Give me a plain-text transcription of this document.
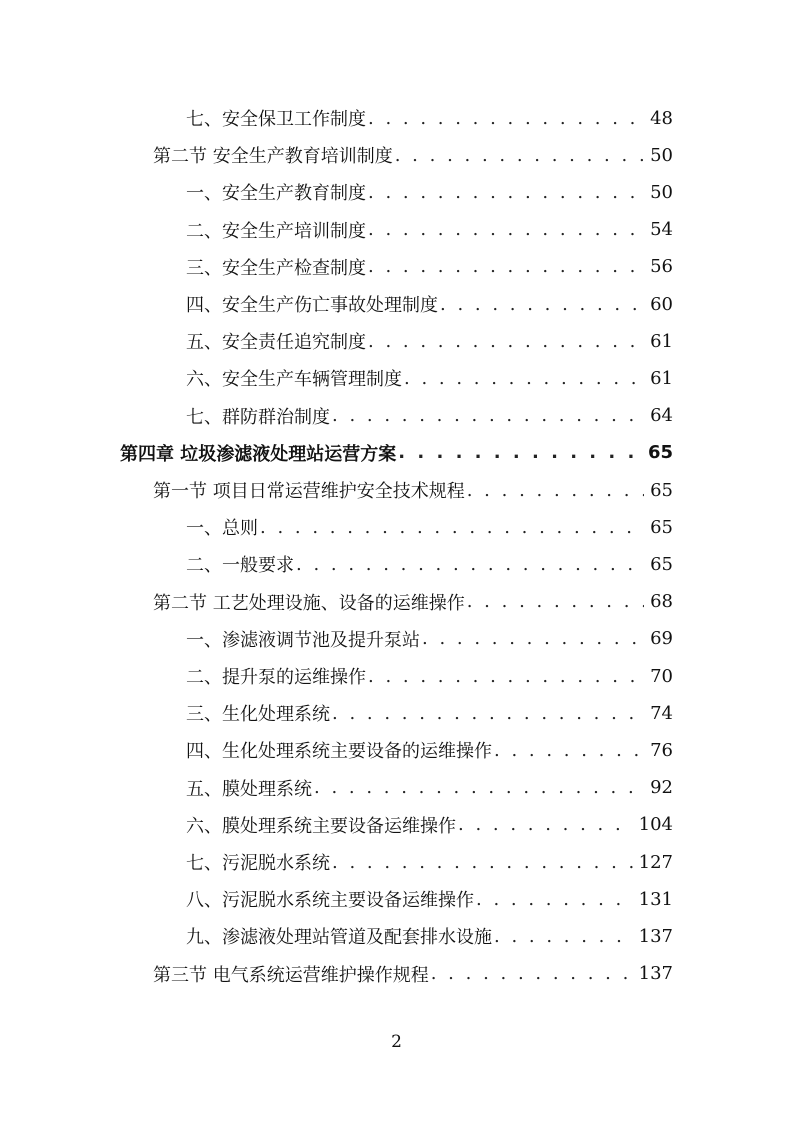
七、安全保卫工作制度 . . .	48
第二节 安全生产教育培训制度 . . .	50
一、安全生产教育制度 . . .	50
二、安全生产培训制度 . . .	54
三、安全生产检查制度 . . .	56
四、安全生产伤亡事故处理制度 . . .	60
五、安全责任追究制度 . . .	61
六、安全生产车辆管理制度 . . .	61
七、群防群治制度 . . .	64
第四章 垃圾渗滤液处理站运营方案 . . .	65
第一节 项目日常运营维护安全技术规程 . . .	65
一、总则 . . .	65
二、一般要求 . . .	65
第二节 工艺处理设施、设备的运维操作 . . .	68
一、渗滤液调节池及提升泵站 . . .	69
二、提升泵的运维操作 . . .	70
三、生化处理系统 . . .	74
四、生化处理系统主要设备的运维操作 . . .	76
五、膜处理系统 . . .	92
六、膜处理系统主要设备运维操作 . . .	104
七、污泥脱水系统 . . .	127
八、污泥脱水系统主要设备运维操作 . . .	131
九、渗滤液处理站管道及配套排水设施 . . .	137
第三节 电气系统运营维护操作规程 . . .	137
2
